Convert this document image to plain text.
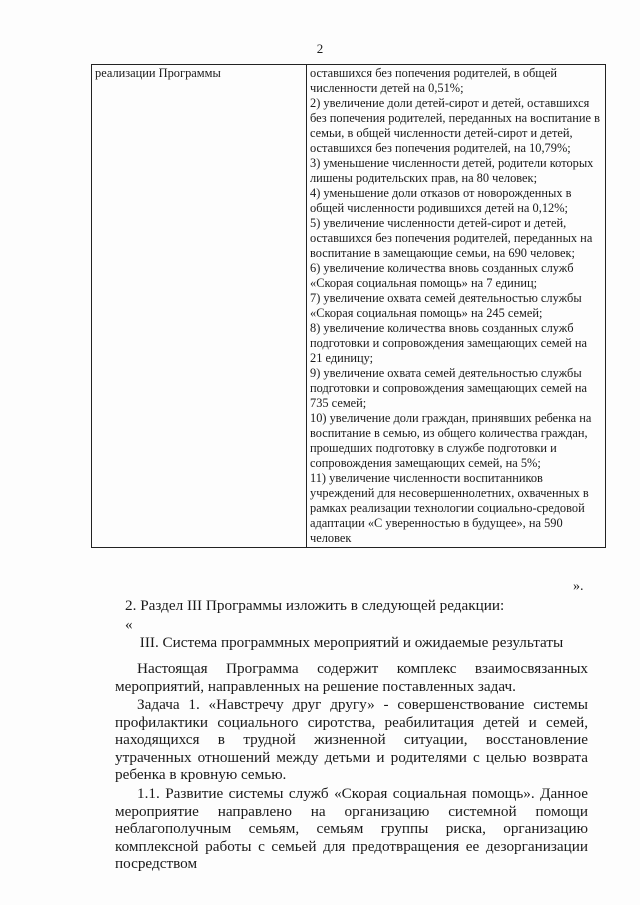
2
реализации Программы	оставшихся без попечения родителей, в общей численности детей на 0,51%;
2) увеличение доли детей-сирот и детей, оставшихся без попечения родителей, переданных на воспитание в семьи, в общей численности детей-сирот и детей, оставшихся без попечения родителей, на 10,79%;
3) уменьшение численности детей, родители которых лишены родительских прав, на 80 человек;
4) уменьшение доли отказов от новорожденных в общей численности родившихся детей на 0,12%;
5) увеличение численности детей-сирот и детей, оставшихся без попечения родителей, переданных на воспитание в замещающие семьи, на 690 человек;
6) увеличение количества вновь созданных служб «Скорая социальная помощь» на 7 единиц;
7) увеличение охвата семей деятельностью службы «Скорая социальная помощь» на 245 семей;
8) увеличение количества вновь созданных служб подготовки и сопровождения замещающих семей на 21 единицу;
9) увеличение охвата семей деятельностью службы подготовки и сопровождения замещающих семей на 735 семей;
10) увеличение доли граждан, принявших ребенка на воспитание в семью, из общего количества граждан, прошедших подготовку в службе подготовки и сопровождения замещающих семей, на 5%;
11) увеличение численности воспитанников учреждений для несовершеннолетних, охваченных в рамках реализации технологии социально-средовой адаптации «С уверенностью в будущее», на 590 человек
».
2. Раздел III Программы изложить в следующей редакции:
«
III. Система программных мероприятий и ожидаемые результаты
Настоящая Программа содержит комплекс взаимосвязанных мероприятий, направленных на решение поставленных задач.
Задача 1. «Навстречу друг другу» - совершенствование системы профилактики социального сиротства, реабилитация детей и семей, находящихся в трудной жизненной ситуации, восстановление утраченных отношений между детьми и родителями с целью возврата ребенка в кровную семью.
1.1. Развитие системы служб «Скорая социальная помощь». Данное мероприятие направлено на организацию системной помощи неблагополучным семьям, семьям группы риска, организацию комплексной работы с семьей для предотвращения ее дезорганизации посредством
